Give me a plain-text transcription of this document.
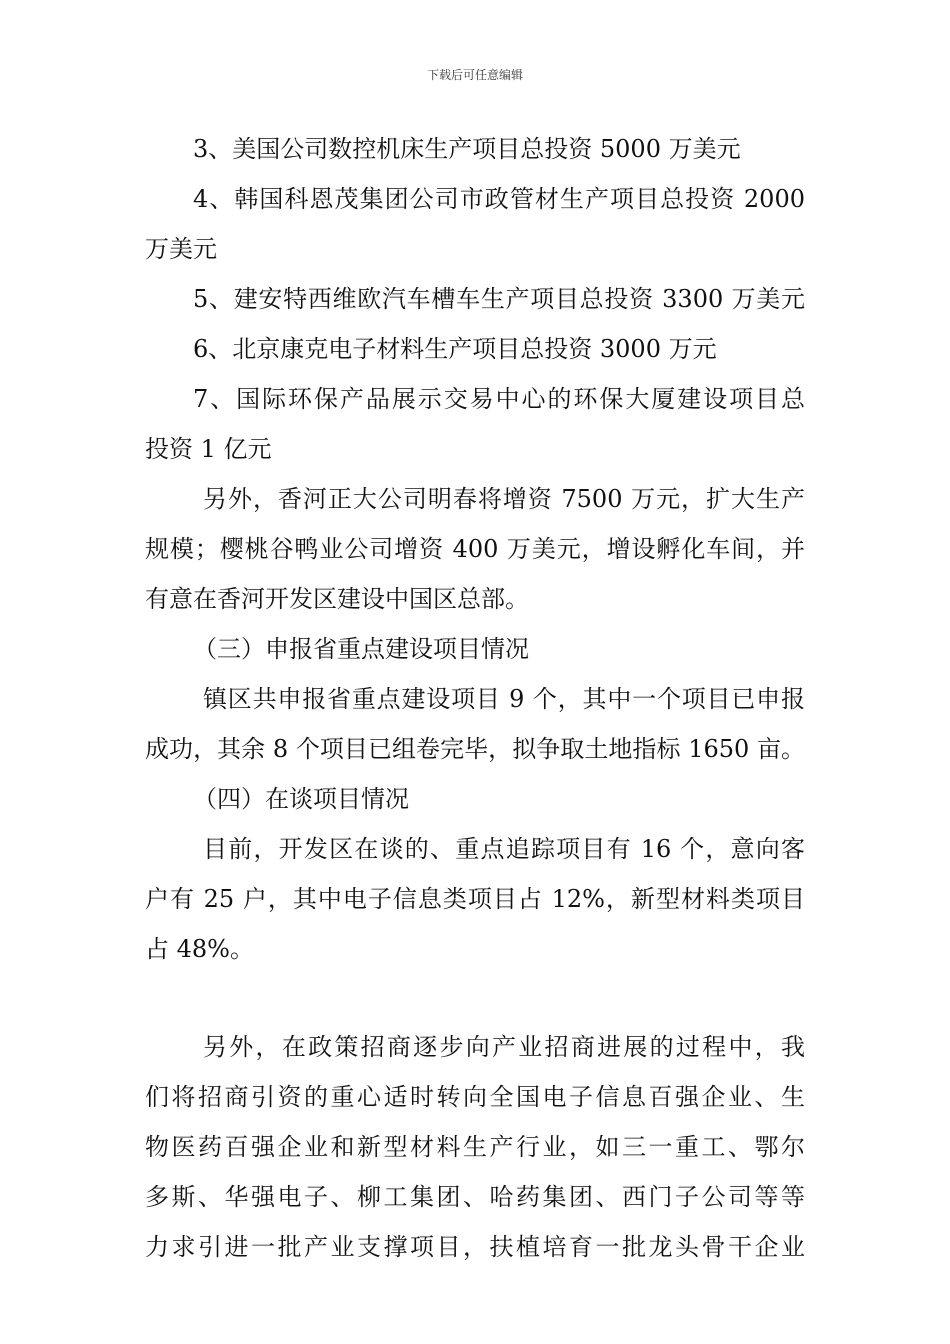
下载后可任意编辑
3、美国公司数控机床生产项目总投资 5000 万美元
4、韩国科恩茂集团公司市政管材生产项目总投资 2000
万美元
5、建安特西维欧汽车槽车生产项目总投资 3300 万美元
6、北京康克电子材料生产项目总投资 3000 万元
7、国际环保产品展示交易中心的环保大厦建设项目总
投资 1 亿元
另外，香河正大公司明春将增资 7500 万元，扩大生产
规模；樱桃谷鸭业公司增资 400 万美元，增设孵化车间，并
有意在香河开发区建设中国区总部。
（三）申报省重点建设项目情况
镇区共申报省重点建设项目 9 个，其中一个项目已申报
成功，其余 8 个项目已组卷完毕，拟争取土地指标 1650 亩。
（四）在谈项目情况
目前，开发区在谈的、重点追踪项目有 16 个，意向客
户有 25 户，其中电子信息类项目占 12%，新型材料类项目
占 48%。
另外，在政策招商逐步向产业招商进展的过程中，我
们将招商引资的重心适时转向全国电子信息百强企业、生
物医药百强企业和新型材料生产行业，如三一重工、鄂尔
多斯、华强电子、柳工集团、哈药集团、西门子公司等等
力求引进一批产业支撑项目，扶植培育一批龙头骨干企业
